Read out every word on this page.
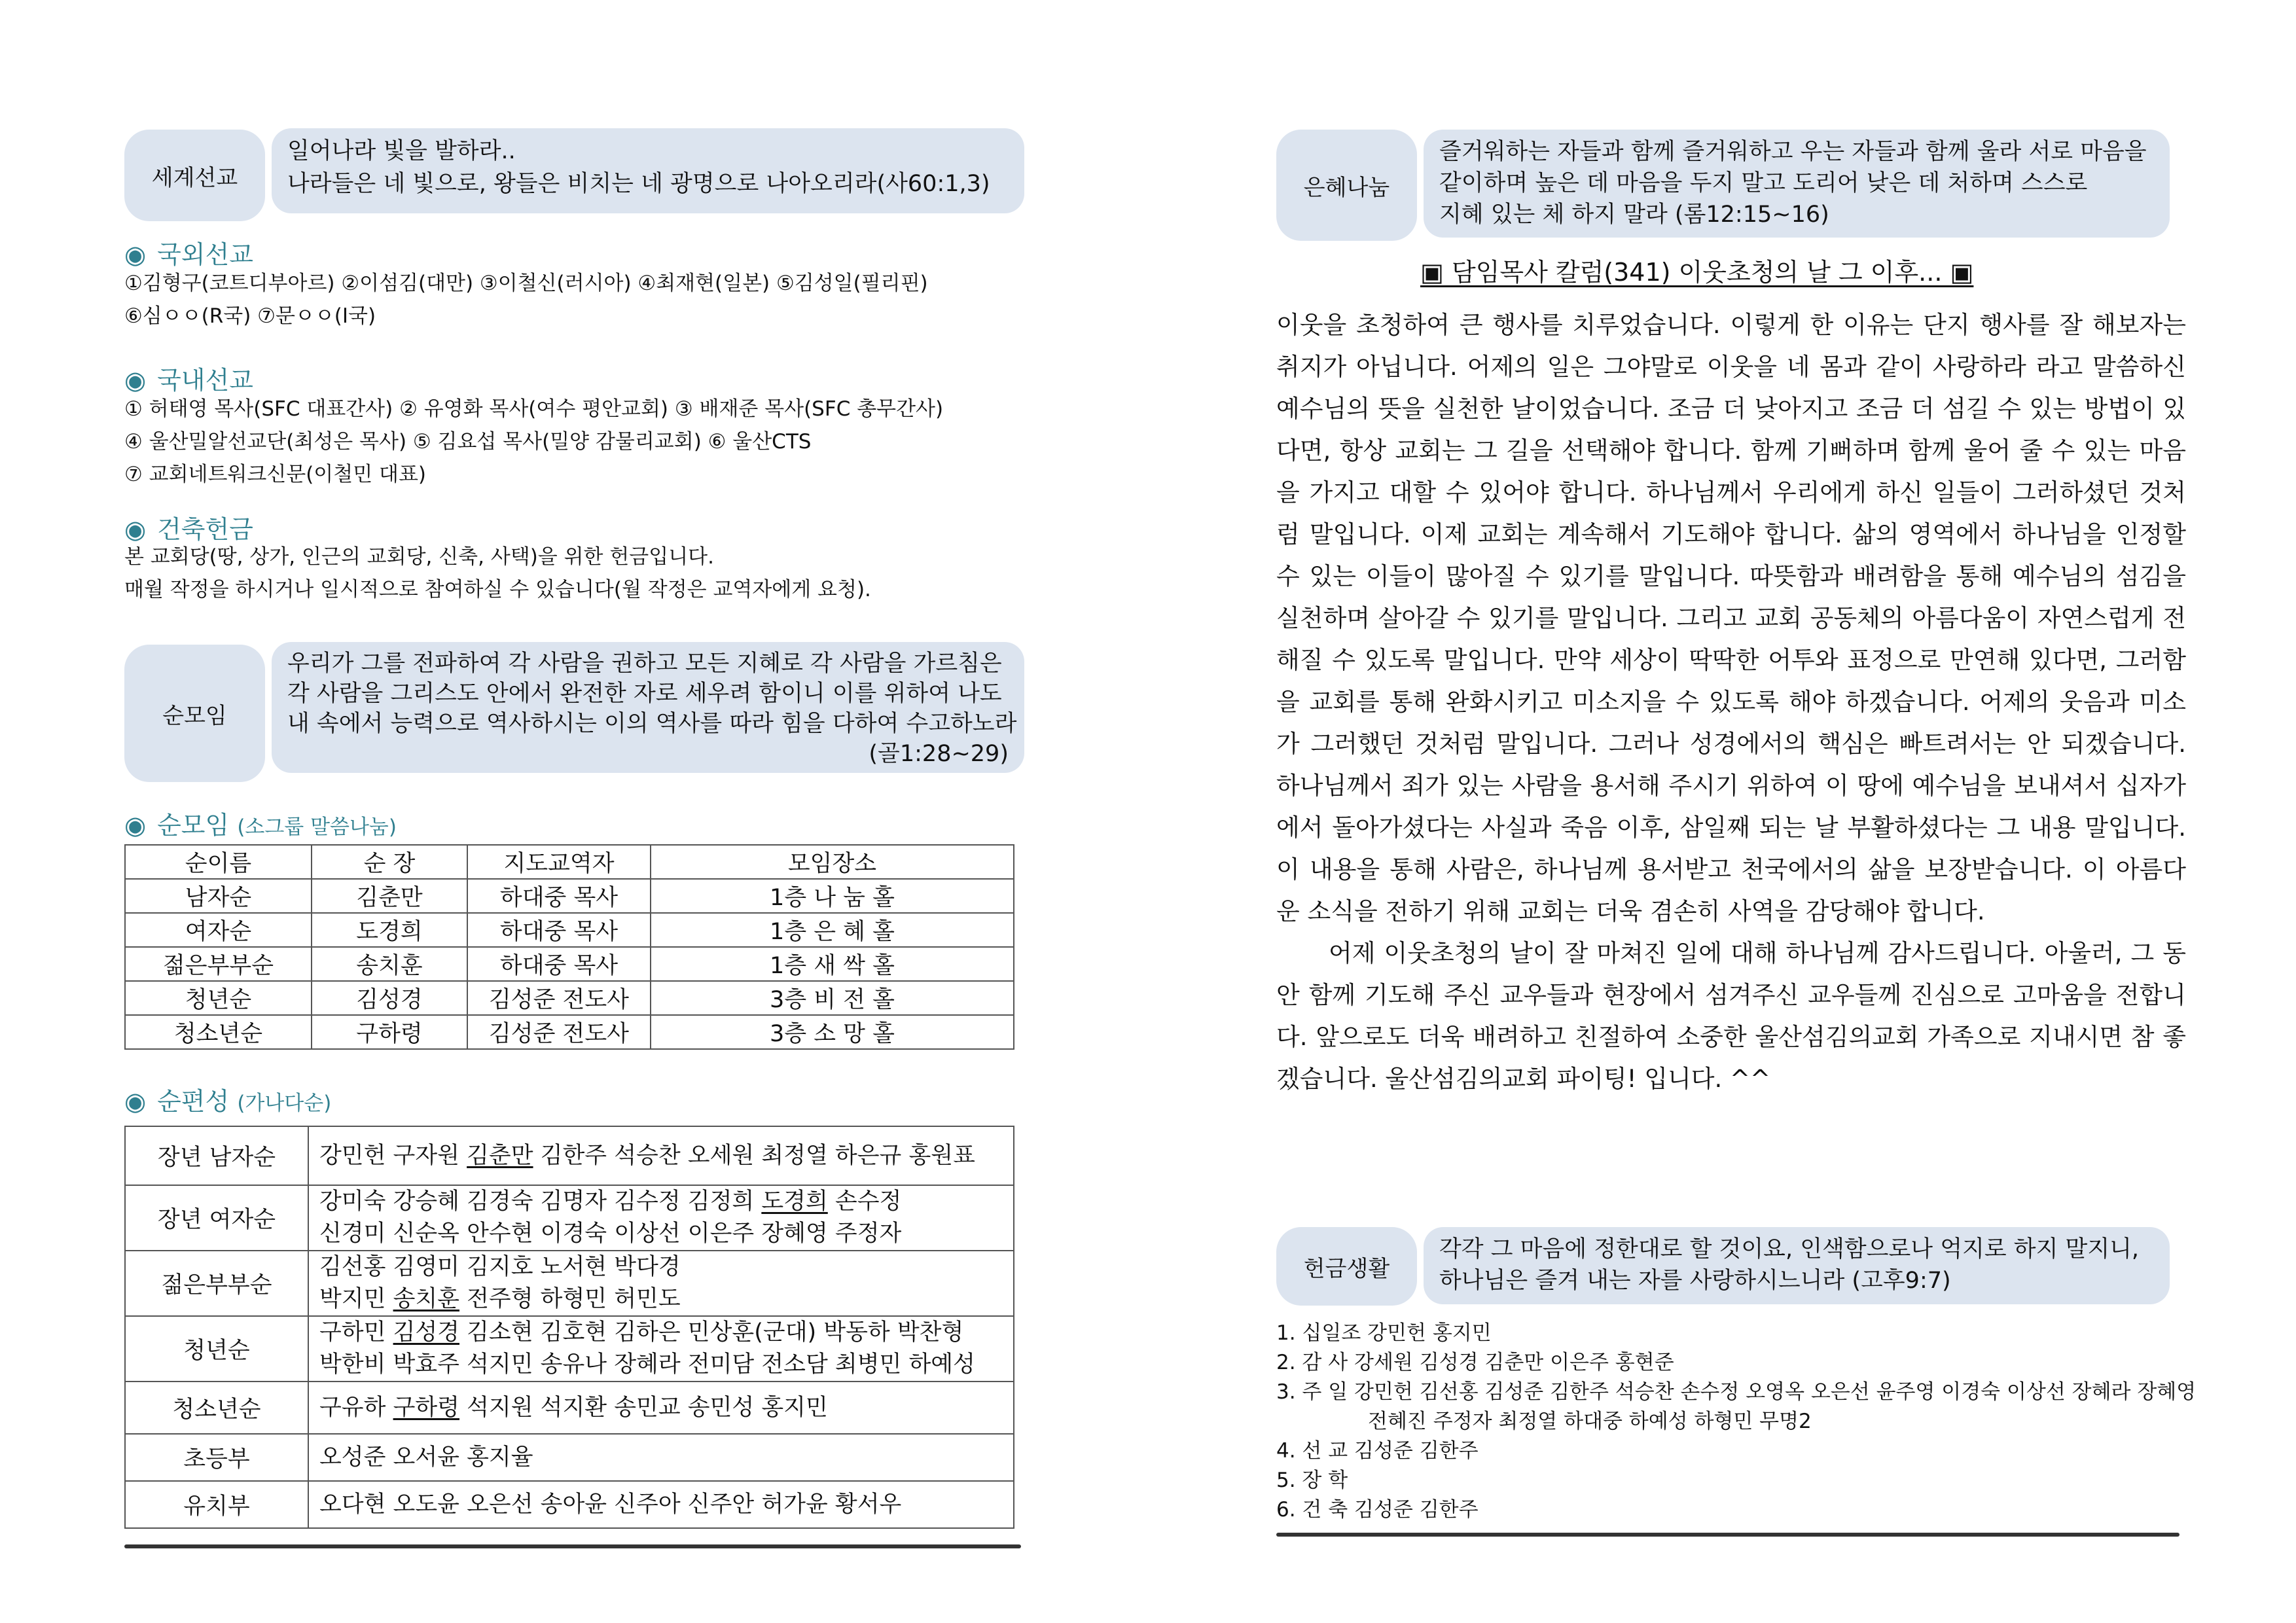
세계선교
일어나라 빛을 발하라..
나라들은 네 빛으로, 왕들은 비치는 네 광명으로 나아오리라(사60:1,3)
◉ 국외선교
①김형구(코트디부아르) ②이섬김(대만) ③이철신(러시아) ④최재현(일본) ⑤김성일(필리핀)
⑥심ㅇㅇ(R국) ⑦문ㅇㅇ(I국)
◉ 국내선교
① 허태영 목사(SFC 대표간사) ② 유영화 목사(여수 평안교회) ③ 배재준 목사(SFC 총무간사)
④ 울산밀알선교단(최성은 목사) ⑤ 김요섭 목사(밀양 감물리교회) ⑥ 울산CTS
⑦ 교회네트워크신문(이철민 대표)
◉ 건축헌금
본 교회당(땅, 상가, 인근의 교회당, 신축, 사택)을 위한 헌금입니다.
매월 작정을 하시거나 일시적으로 참여하실 수 있습니다(월 작정은 교역자에게 요청).
순모임
우리가 그를 전파하여 각 사람을 권하고 모든 지혜로 각 사람을 가르침은
각 사람을 그리스도 안에서 완전한 자로 세우려 함이니 이를 위하여 나도
내 속에서 능력으로 역사하시는 이의 역사를 따라 힘을 다하여 수고하노라
(골1:28~29)
◉ 순모임 (소그룹 말씀나눔)
순이름	순 장	지도교역자	모임장소
남자순	김춘만	하대중 목사	1층 나 눔 홀
여자순	도경희	하대중 목사	1층 은 혜 홀
젊은부부순	송치훈	하대중 목사	1층 새 싹 홀
청년순	김성경	김성준 전도사	3층 비 전 홀
청소년순	구하령	김성준 전도사	3층 소 망 홀
◉ 순편성 (가나다순)
장년 남자순	강민헌 구자원 김춘만 김한주 석승찬 오세원 최정열 하은규 홍원표

장년 여자순	강미숙 강승혜 김경숙 김명자 김수정 김정희 도경희 손수정
신경미 신순옥 안수현 이경숙 이상선 이은주 장혜영 주정자

젊은부부순	김선홍 김영미 김지호 노서현 박다경
박지민 송치훈 전주형 하형민 허민도

청년순	구하민 김성경 김소현 김호현 김하은 민상훈(군대) 박동하 박찬형
박한비 박효주 석지민 송유나 장혜라 전미담 전소담 최병민 하예성

청소년순	구유하 구하령 석지원 석지환 송민교 송민성 홍지민

초등부	오성준 오서윤 홍지율

유치부	오다현 오도윤 오은선 송아윤 신주아 신주안 허가윤 황서우
은혜나눔
즐거워하는 자들과 함께 즐거워하고 우는 자들과 함께 울라 서로 마음을
같이하며 높은 데 마음을 두지 말고 도리어 낮은 데 처하며 스스로
지혜 있는 체 하지 말라 (롬12:15~16)
▣ 담임목사 칼럼(341) 이웃초청의 날 그 이후... ▣

이웃을 초청하여 큰 행사를 치루었습니다. 이렇게 한 이유는 단지 행사를 잘 해보자는 취지가 아닙니다. 어제의 일은 그야말로 이웃을 네 몸과 같이 사랑하라 라고 말씀하신 예수님의 뜻을 실천한 날이었습니다. 조금 더 낮아지고 조금 더 섬길 수 있는 방법이 있다면, 항상 교회는 그 길을 선택해야 합니다. 함께 기뻐하며 함께 울어 줄 수 있는 마음을 가지고 대할 수 있어야 합니다. 하나님께서 우리에게 하신 일들이 그러하셨던 것처럼 말입니다. 이제 교회는 계속해서 기도해야 합니다. 삶의 영역에서 하나님을 인정할 수 있는 이들이 많아질 수 있기를 말입니다. 따뜻함과 배려함을 통해 예수님의 섬김을 실천하며 살아갈 수 있기를 말입니다. 그리고 교회 공동체의 아름다움이 자연스럽게 전해질 수 있도록 말입니다. 만약 세상이 딱딱한 어투와 표정으로 만연해 있다면, 그러함을 교회를 통해 완화시키고 미소지을 수 있도록 해야 하겠습니다. 어제의 웃음과 미소가 그러했던 것처럼 말입니다. 그러나 성경에서의 핵심은 빠트려서는 안 되겠습니다. 하나님께서 죄가 있는 사람을 용서해 주시기 위하여 이 땅에 예수님을 보내셔서 십자가에서 돌아가셨다는 사실과 죽음 이후, 삼일째 되는 날 부활하셨다는 그 내용 말입니다. 이 내용을 통해 사람은, 하나님께 용서받고 천국에서의 삶을 보장받습니다. 이 아름다운 소식을 전하기 위해 교회는 더욱 겸손히 사역을 감당해야 합니다.

어제 이웃초청의 날이 잘 마쳐진 일에 대해 하나님께 감사드립니다. 아울러, 그 동안 함께 기도해 주신 교우들과 현장에서 섬겨주신 교우들께 진심으로 고마움을 전합니다. 앞으로도 더욱 배려하고 친절하여 소중한 울산섬김의교회 가족으로 지내시면 참 좋겠습니다. 울산섬김의교회 파이팅! 입니다. ^^

헌금생활
각각 그 마음에 정한대로 할 것이요, 인색함으로나 억지로 하지 말지니,
하나님은 즐겨 내는 자를 사랑하시느니라 (고후9:7)
1. 십일조 강민헌 홍지민
2. 감 사 강세원 김성경 김춘만 이은주 홍현준
3. 주 일 강민헌 김선홍 김성준 김한주 석승찬 손수정 오영옥 오은선 윤주영 이경숙 이상선 장혜라 장혜영
전혜진 주정자 최정열 하대중 하예성 하형민 무명2
4. 선 교 김성준 김한주
5. 장 학
6. 건 축 김성준 김한주
